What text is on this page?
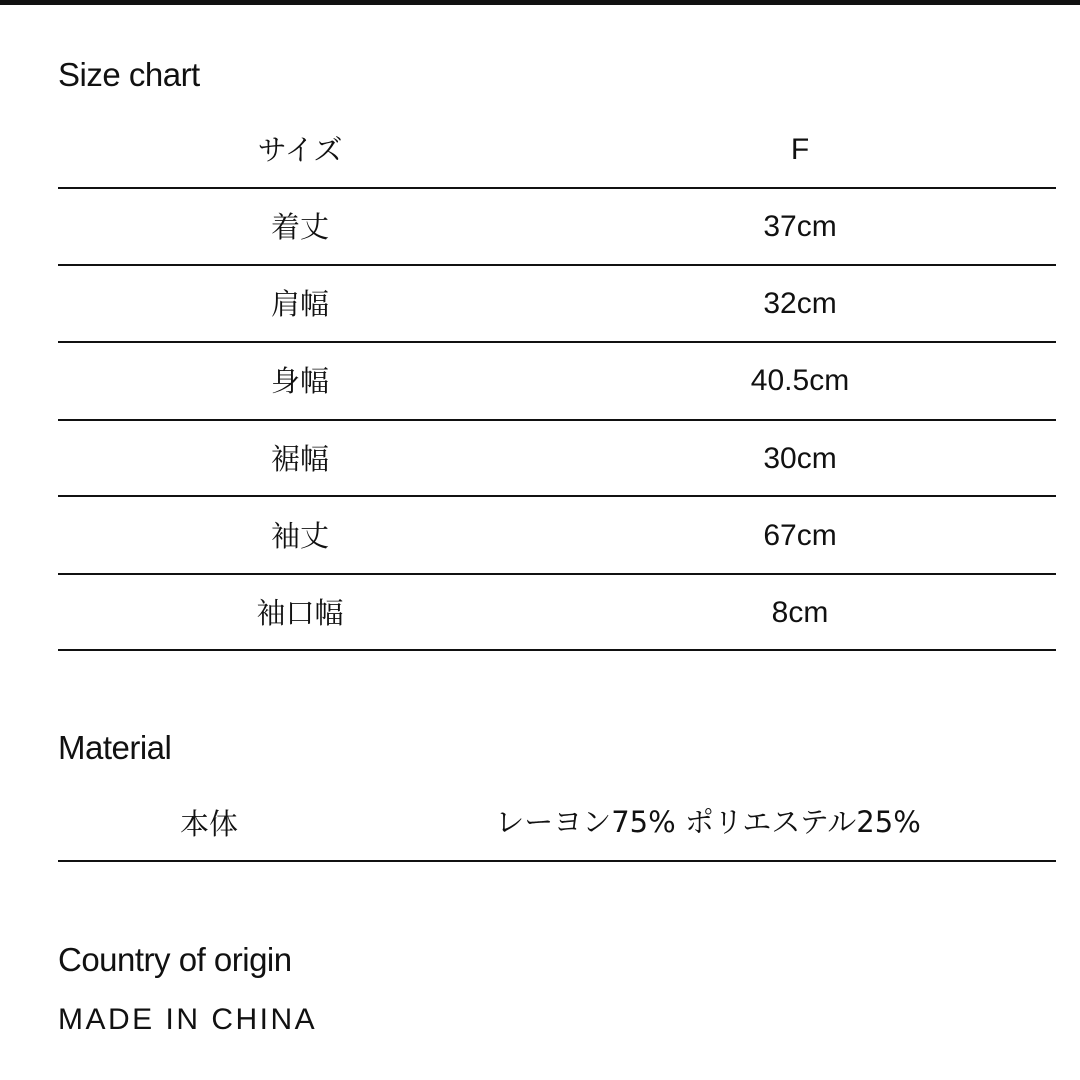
Size chart
サイズ	F
着丈	37cm
肩幅	32cm
身幅	40.5cm
裾幅	30cm
袖丈	67cm
袖口幅	8cm
Material
本体	レーヨン75% ポリエステル25%
Country of origin
MADE IN CHINA
